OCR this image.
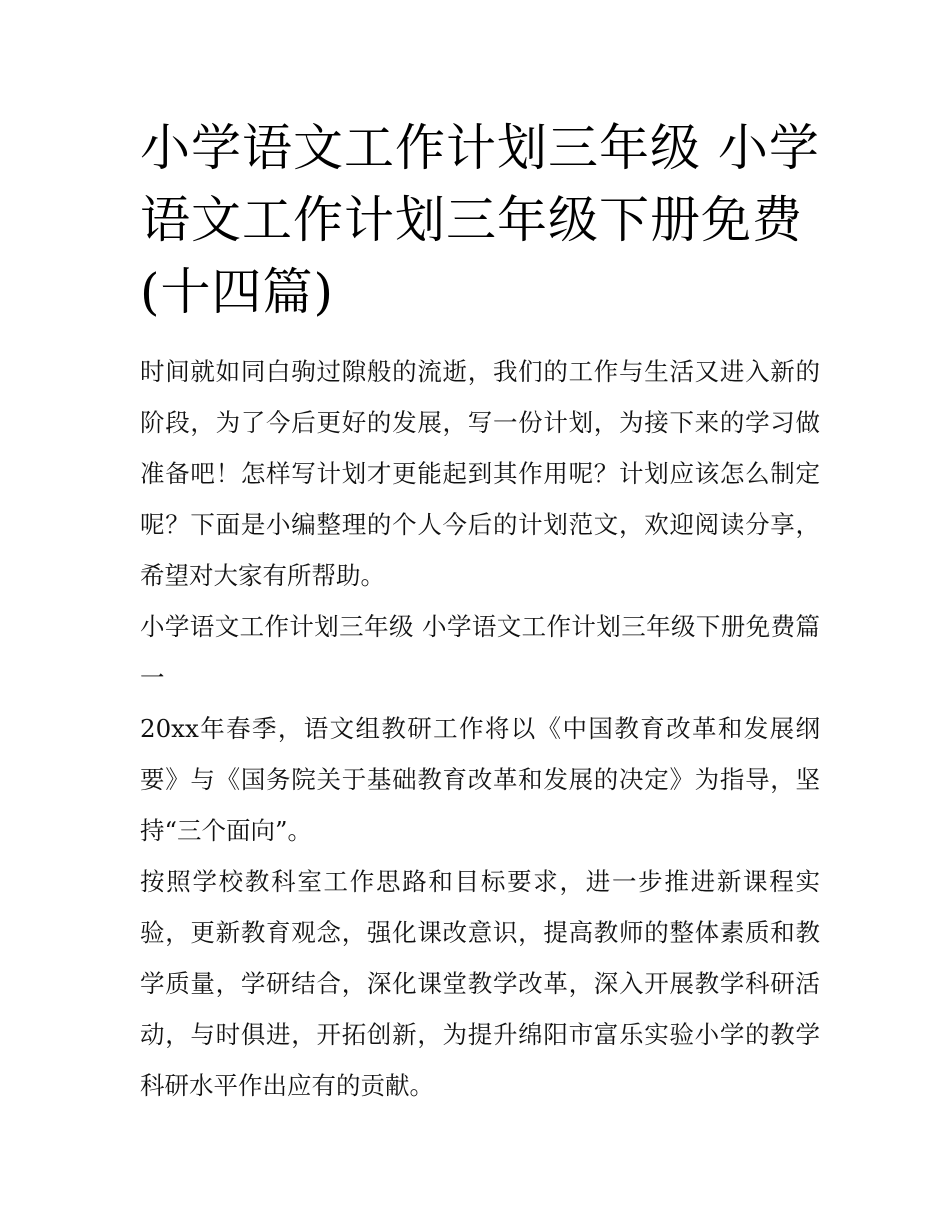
小学语文工作计划三年级 小学语文工作计划三年级下册免费(十四篇)

时间就如同白驹过隙般的流逝，我们的工作与生活又进入新的阶段，为了今后更好的发展，写一份计划，为接下来的学习做准备吧！怎样写计划才更能起到其作用呢？计划应该怎么制定呢？下面是小编整理的个人今后的计划范文，欢迎阅读分享，希望对大家有所帮助。

小学语文工作计划三年级 小学语文工作计划三年级下册免费篇一

20xx年春季，语文组教研工作将以《中国教育改革和发展纲要》与《国务院关于基础教育改革和发展的决定》为指导，坚持“三个面向”。

按照学校教科室工作思路和目标要求，进一步推进新课程实验，更新教育观念，强化课改意识，提高教师的整体素质和教学质量，学研结合，深化课堂教学改革，深入开展教学科研活动，与时俱进，开拓创新，为提升绵阳市富乐实验小学的教学科研水平作出应有的贡献。
